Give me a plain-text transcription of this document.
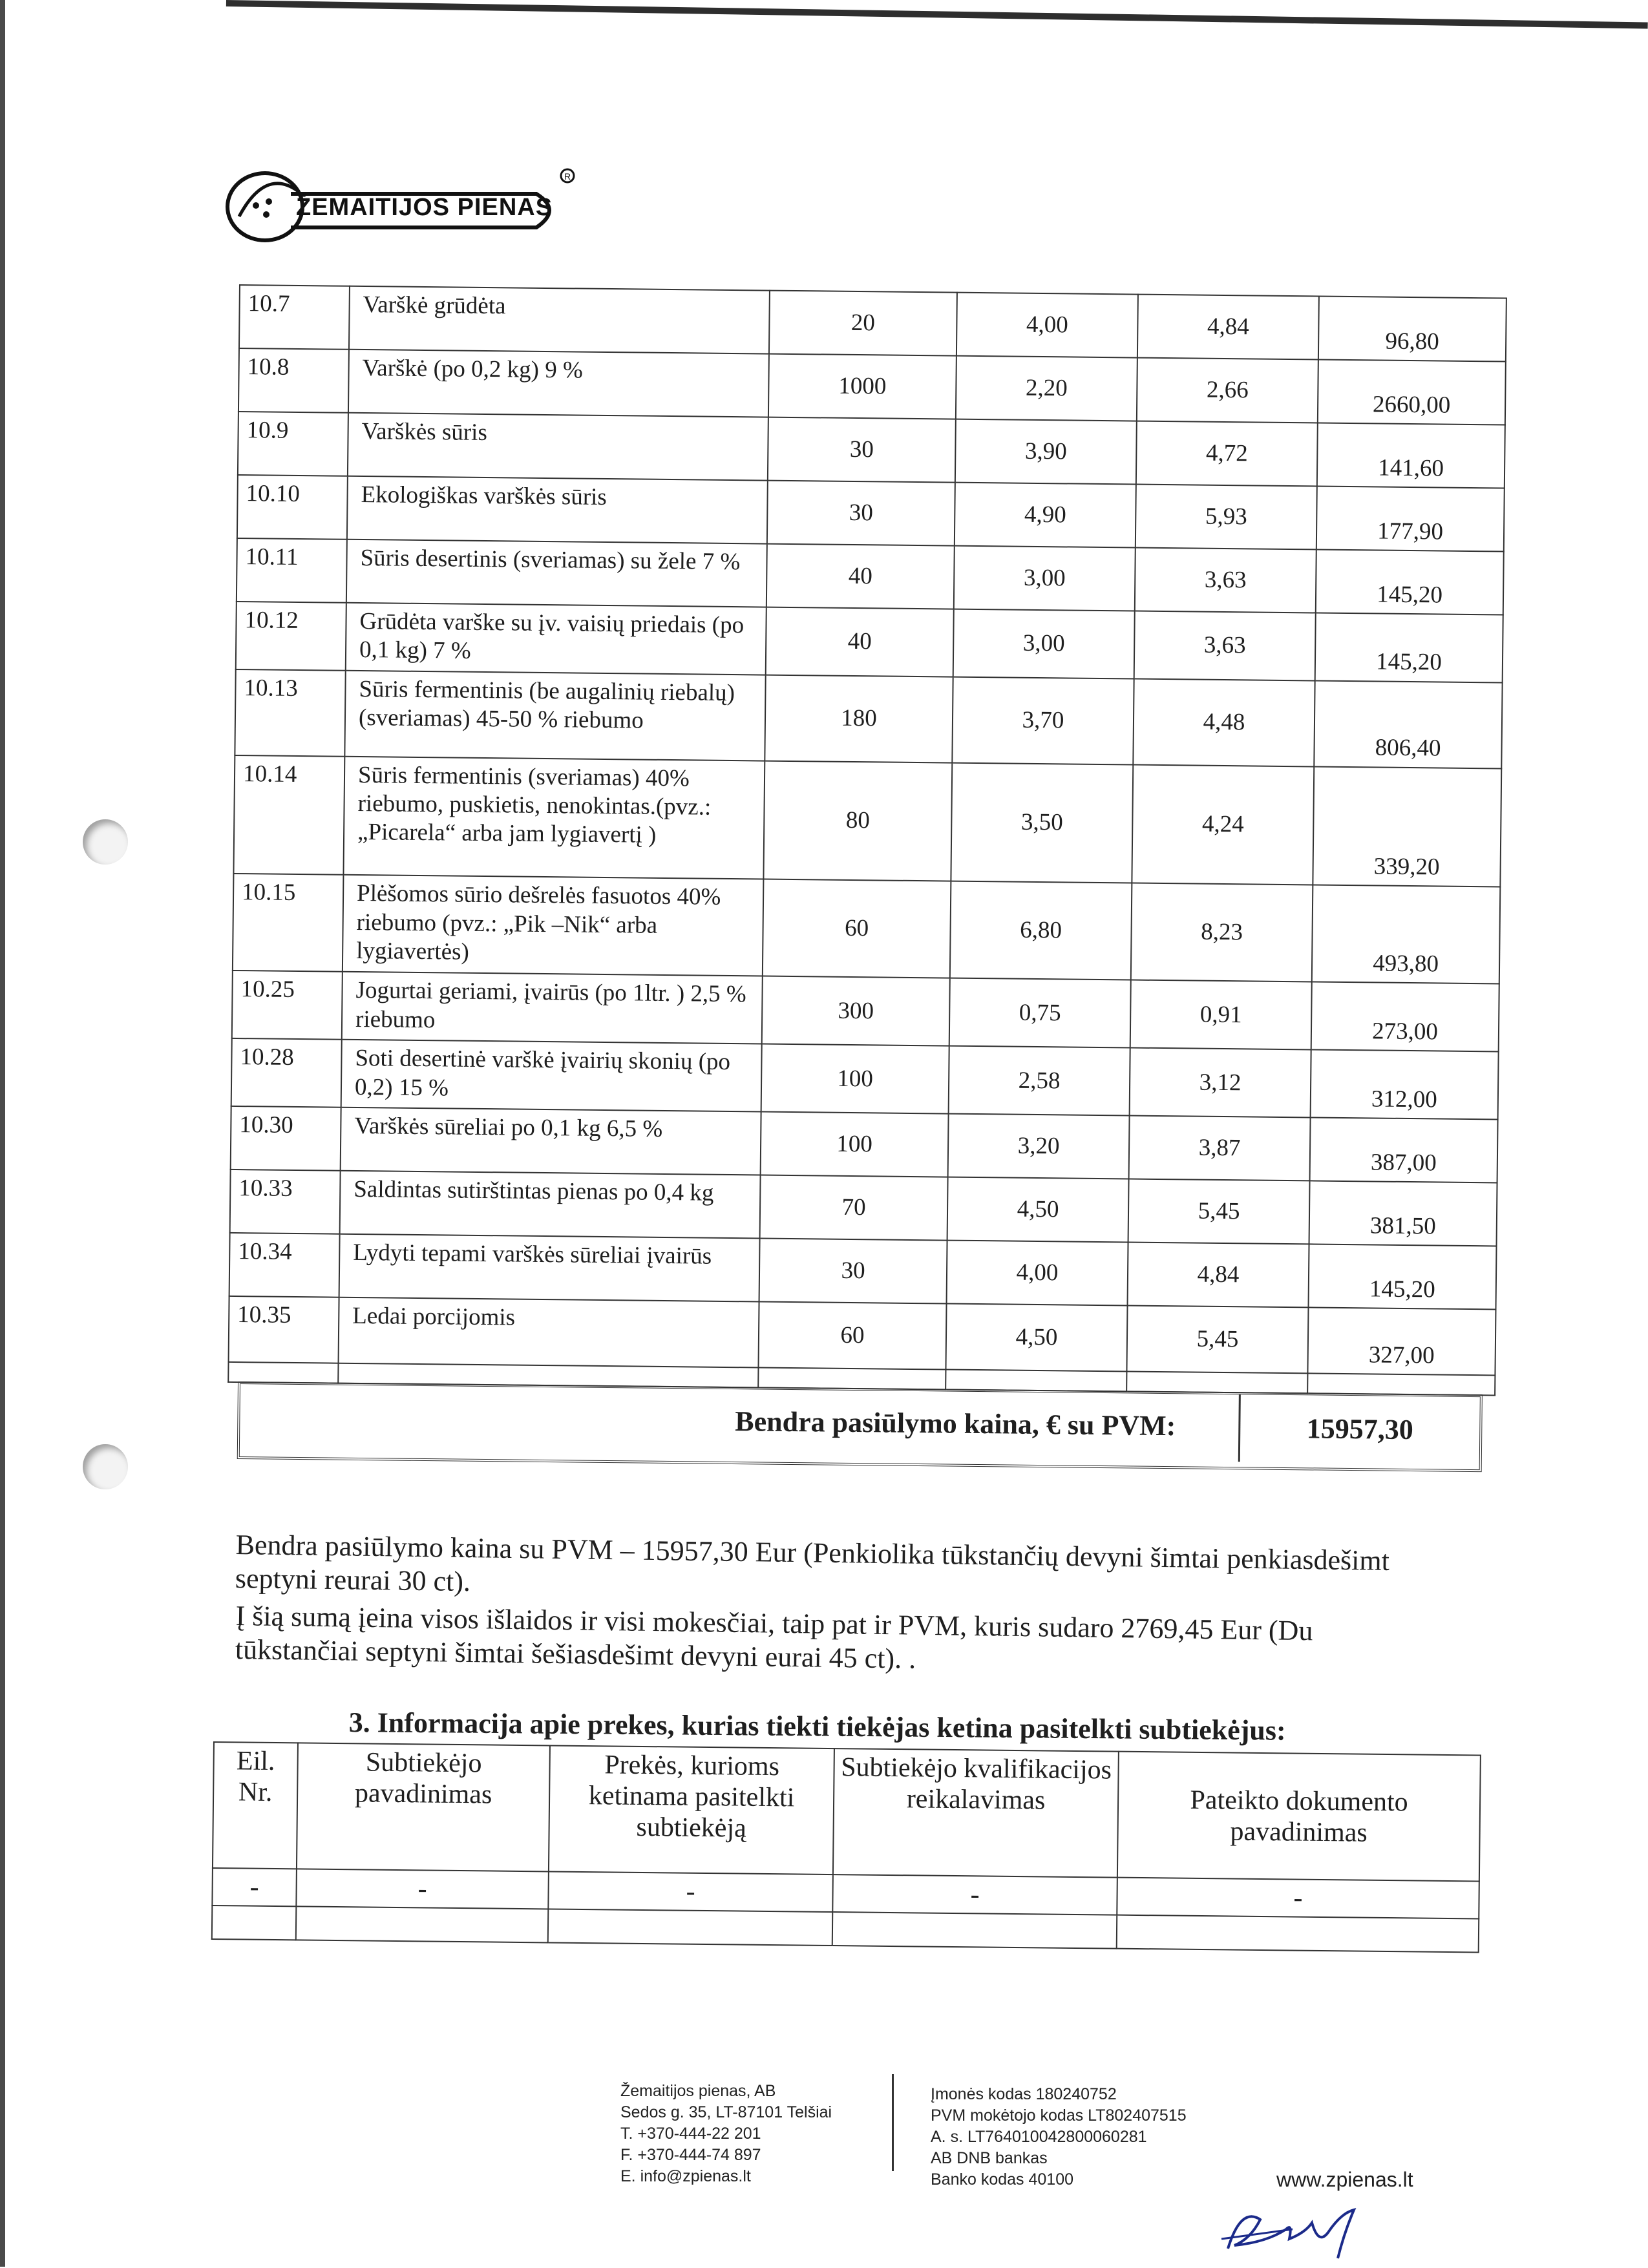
R
ŽEMAITIJOS PIENAS
10.7	Varškė grūdėta	20	4,00	4,84	96,80
10.8	Varškė (po 0,2 kg) 9 %	1000	2,20	2,66	2660,00
10.9	Varškės sūris	30	3,90	4,72	141,60
10.10	Ekologiškas varškės sūris	30	4,90	5,93	177,90
10.11	Sūris desertinis (sveriamas) su žele 7 %	40	3,00	3,63	145,20
10.12	Grūdėta varške su įv. vaisių priedais (po 0,1 kg) 7 %	40	3,00	3,63	145,20
10.13	Sūris fermentinis (be augalinių riebalų) (sveriamas) 45-50 % riebumo	180	3,70	4,48	806,40
10.14	Sūris fermentinis (sveriamas) 40% riebumo, puskietis, nenokintas.(pvz.: „Picarela“ arba jam lygiavertį )	80	3,50	4,24	339,20
10.15	Plėšomos sūrio dešrelės fasuotos 40% riebumo (pvz.: „Pik –Nik“ arba lygiavertės)	60	6,80	8,23	493,80
10.25	Jogurtai geriami, įvairūs (po 1ltr. ) 2,5 % riebumo	300	0,75	0,91	273,00
10.28	Soti desertinė varškė įvairių skonių (po 0,2) 15 %	100	2,58	3,12	312,00
10.30	Varškės sūreliai po 0,1 kg 6,5 %	100	3,20	3,87	387,00
10.33	Saldintas sutirštintas pienas po 0,4 kg	70	4,50	5,45	381,50
10.34	Lydyti tepami varškės sūreliai įvairūs	30	4,00	4,84	145,20
10.35	Ledai porcijomis	60	4,50	5,45	327,00

Bendra pasiūlymo kaina, € su PVM:	15957,30
Bendra pasiūlymo kaina su PVM – 15957,30 Eur (Penkiolika tūkstančių devyni šimtai penkiasdešimt septyni reurai 30 ct).
Į šią sumą įeina visos išlaidos ir visi mokesčiai, taip pat ir PVM, kuris sudaro 2769,45 Eur (Du tūkstančiai septyni šimtai šešiasdešimt devyni eurai 45 ct). .
3. Informacija apie prekes, kurias tiekti tiekėjas ketina pasitelkti subtiekėjus:
Eil. Nr.	Subtiekėjo pavadinimas	Prekės, kurioms ketinama pasitelkti subtiekėją	Subtiekėjo kvalifikacijos reikalavimas	Pateikto dokumento pavadinimas
-	-	-	-	-

Žemaitijos pienas, AB
Sedos g. 35, LT-87101 Telšiai
T. +370-444-22 201
F. +370-444-74 897
E. info@zpienas.lt
Įmonės kodas 180240752
PVM mokėtojo kodas LT802407515
A. s. LT764010042800060281
AB DNB bankas
Banko kodas 40100	www.zpienas.lt
